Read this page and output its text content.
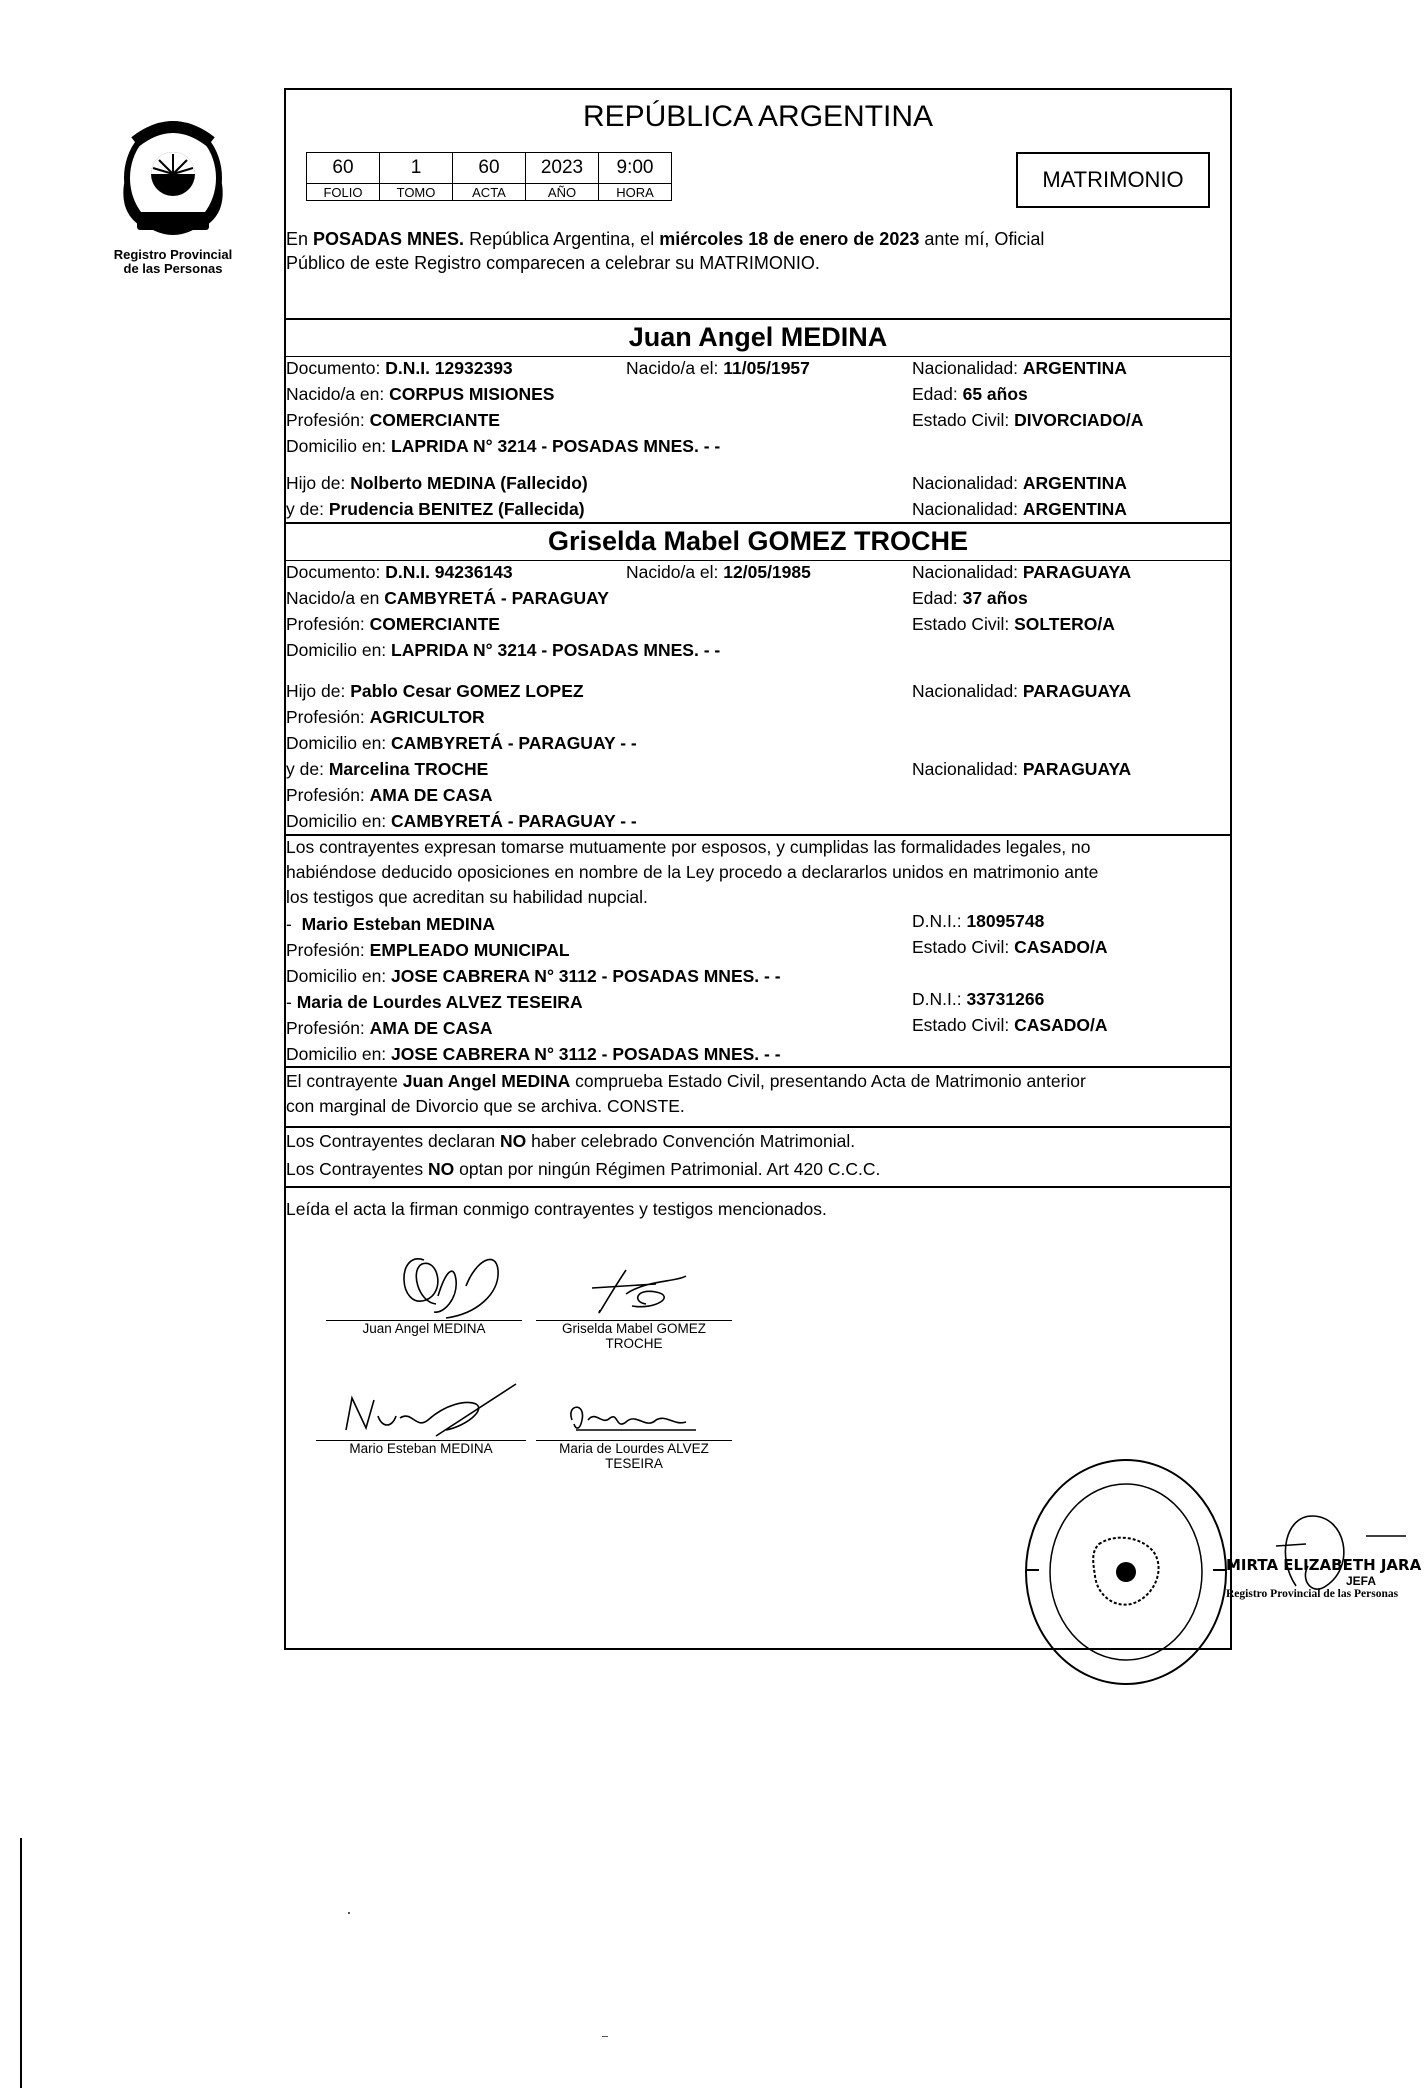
Registro Provincial
de las Personas
REPÚBLICA ARGENTINA
60	1	60	2023	9:00
FOLIO	TOMO	ACTA	AÑO	HORA	MATRIMONIO
En POSADAS MNES. República Argentina, el miércoles 18 de enero de 2023 ante mí, Oficial
Público de este Registro comparecen a celebrar su MATRIMONIO.
Juan Angel MEDINA
Documento: D.N.I. 12932393	Nacido/a el: 11/05/1957	Nacionalidad: ARGENTINA
Nacido/a en: CORPUS MISIONES	Edad: 65 años
Profesión: COMERCIANTE	Estado Civil: DIVORCIADO/A
Domicilio en: LAPRIDA N° 3214 - POSADAS MNES. - -
Hijo de: Nolberto MEDINA (Fallecido)	Nacionalidad: ARGENTINA
y de: Prudencia BENITEZ (Fallecida)	Nacionalidad: ARGENTINA
Griselda Mabel GOMEZ TROCHE
Documento: D.N.I. 94236143	Nacido/a el: 12/05/1985	Nacionalidad: PARAGUAYA
Nacido/a en CAMBYRETÁ - PARAGUAY	Edad: 37 años
Profesión: COMERCIANTE	Estado Civil: SOLTERO/A
Domicilio en: LAPRIDA N° 3214 - POSADAS MNES. - -
Hijo de: Pablo Cesar GOMEZ LOPEZ	Nacionalidad: PARAGUAYA
Profesión: AGRICULTOR
Domicilio en: CAMBYRETÁ - PARAGUAY - -
y de: Marcelina TROCHE	Nacionalidad: PARAGUAYA
Profesión: AMA DE CASA
Domicilio en: CAMBYRETÁ - PARAGUAY - -
Los contrayentes expresan tomarse mutuamente por esposos, y cumplidas las formalidades legales, no
habiéndose deducido oposiciones en nombre de la Ley procedo a declararlos unidos en matrimonio ante
los testigos que acreditan su habilidad nupcial.
-  Mario Esteban MEDINA	D.N.I.: 18095748
Profesión: EMPLEADO MUNICIPAL	Estado Civil: CASADO/A
Domicilio en: JOSE CABRERA N° 3112 - POSADAS MNES. - -
- Maria de Lourdes ALVEZ TESEIRA	D.N.I.: 33731266
Profesión: AMA DE CASA	Estado Civil: CASADO/A
Domicilio en: JOSE CABRERA N° 3112 - POSADAS MNES. - -
El contrayente Juan Angel MEDINA comprueba Estado Civil, presentando Acta de Matrimonio anterior
con marginal de Divorcio que se archiva. CONSTE.
Los Contrayentes declaran NO haber celebrado Convención Matrimonial.
Los Contrayentes NO optan por ningún Régimen Patrimonial. Art 420 C.C.C.
Leída el acta la firman conmigo contrayentes y testigos mencionados.
Juan Angel MEDINA	Griselda Mabel GOMEZ
TROCHE
Mario Esteban MEDINA	Maria de Lourdes ALVEZ
TESEIRA
MIRTA ELIZABETH JARA
JEFA
Registro Provincial de las Personas
